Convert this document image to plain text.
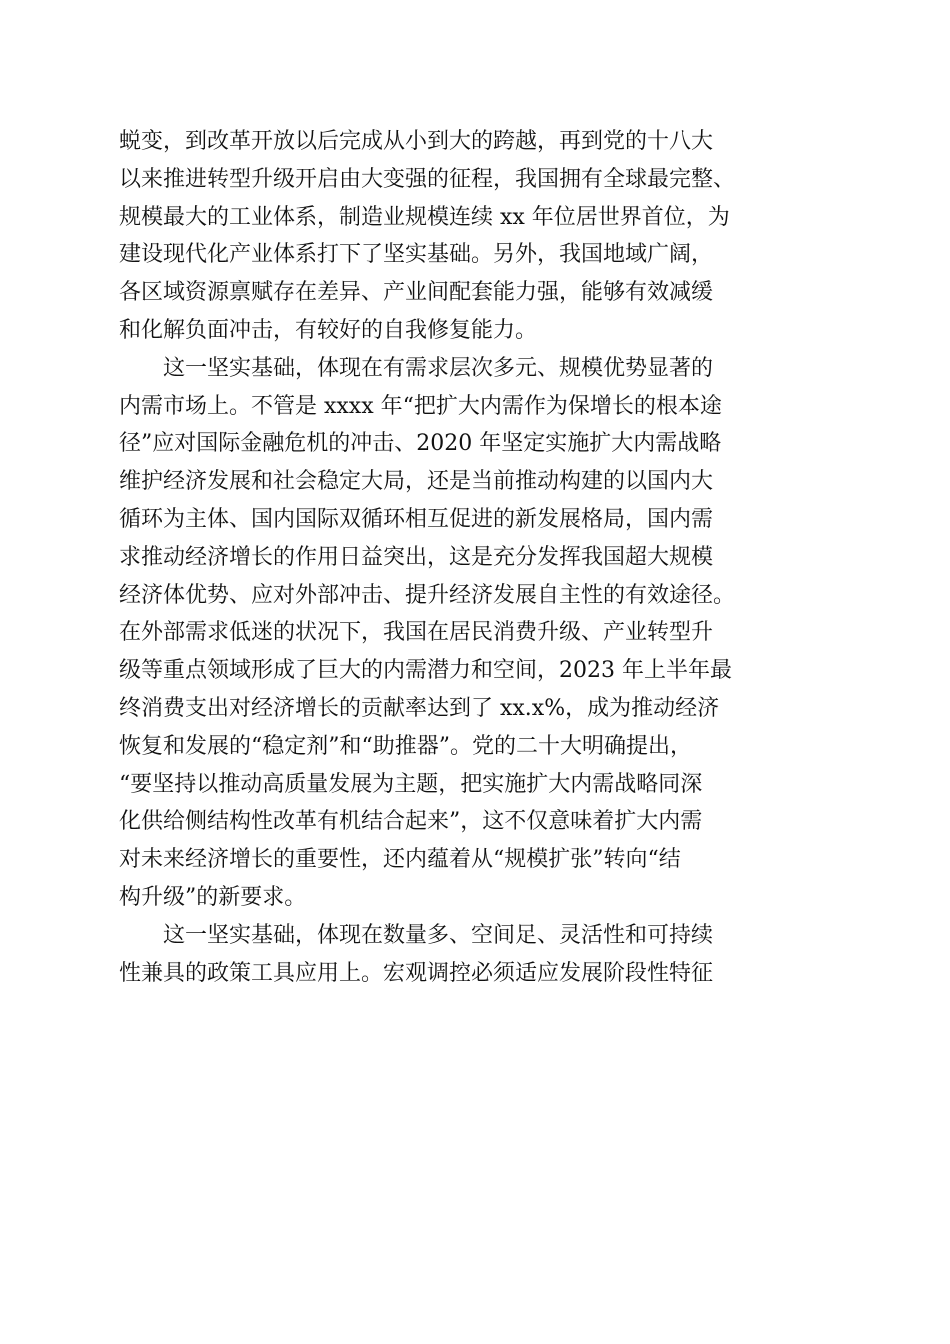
蜕变，到改革开放以后完成从小到大的跨越，再到党的十八大
以来推进转型升级开启由大变强的征程，我国拥有全球最完整、
规模最大的工业体系，制造业规模连续 xx 年位居世界首位，为
建设现代化产业体系打下了坚实基础。另外，我国地域广阔，
各区域资源禀赋存在差异、产业间配套能力强，能够有效减缓
和化解负面冲击，有较好的自我修复能力。
这一坚实基础，体现在有需求层次多元、规模优势显著的
内需市场上。不管是 xxxx 年“把扩大内需作为保增长的根本途
径”应对国际金融危机的冲击、2020 年坚定实施扩大内需战略
维护经济发展和社会稳定大局，还是当前推动构建的以国内大
循环为主体、国内国际双循环相互促进的新发展格局，国内需
求推动经济增长的作用日益突出，这是充分发挥我国超大规模
经济体优势、应对外部冲击、提升经济发展自主性的有效途径。
在外部需求低迷的状况下，我国在居民消费升级、产业转型升
级等重点领域形成了巨大的内需潜力和空间，2023 年上半年最
终消费支出对经济增长的贡献率达到了 xx.x%，成为推动经济
恢复和发展的“稳定剂”和“助推器”。党的二十大明确提出，
“要坚持以推动高质量发展为主题，把实施扩大内需战略同深
化供给侧结构性改革有机结合起来”，这不仅意味着扩大内需
对未来经济增长的重要性，还内蕴着从“规模扩张”转向“结
构升级”的新要求。
这一坚实基础，体现在数量多、空间足、灵活性和可持续
性兼具的政策工具应用上。宏观调控必须适应发展阶段性特征
